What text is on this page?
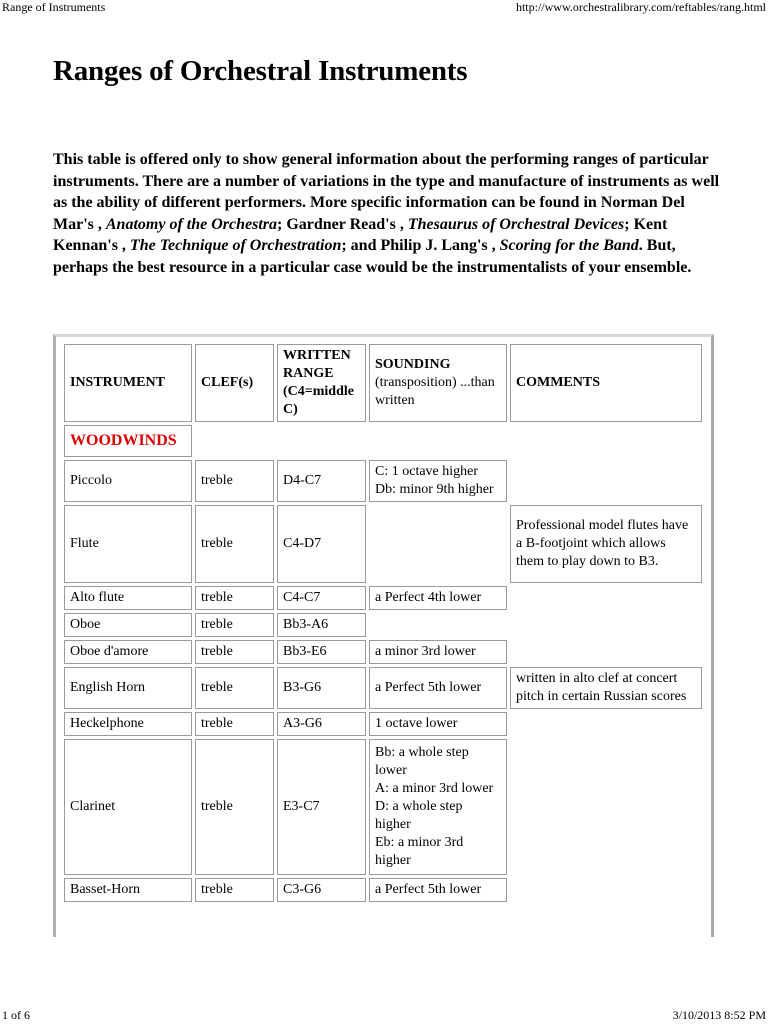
Range of Instruments	http://www.orchestralibrary.com/reftables/rang.html
Ranges of Orchestral Instruments

This table is offered only to show general information about the performing ranges of particular instruments. There are a number of variations in the type and manufacture of instruments as well as the ability of different performers. More specific information can be found in Norman Del Mar's , Anatomy of the Orchestra; Gardner Read's , Thesaurus of Orchestral Devices; Kent Kennan's , The Technique of Orchestration; and Philip J. Lang's , Scoring for the Band. But, perhaps the best resource in a particular case would be the instrumentalists of your ensemble.

INSTRUMENT	CLEF(s)	WRITTEN RANGE (C4=middle C)	SOUNDING
(transposition) ...than written	COMMENTS
WOODWINDS				
Piccolo	treble	D4-C7	C: 1 octave higher
Db: minor 9th higher	

Flute	treble	C4-D7		Professional model flutes have a B-footjoint which allows them to play down to B3.
Alto flute	treble	C4-C7	a Perfect 4th lower	

Oboe	treble	Bb3-A6		
Oboe d'amore	treble	Bb3-E6	a minor 3rd lower	

English Horn	treble	B3-G6	a Perfect 5th lower	written in alto clef at concert pitch in certain Russian scores
Heckelphone	treble	A3-G6	1 octave lower	

Clarinet	treble	E3-C7	Bb: a whole step lower
A: a minor 3rd lower
D: a whole step higher
Eb: a minor 3rd higher	

Basset-Horn	treble	C3-G6	a Perfect 5th lower	

1 of 6	3/10/2013 8:52 PM
